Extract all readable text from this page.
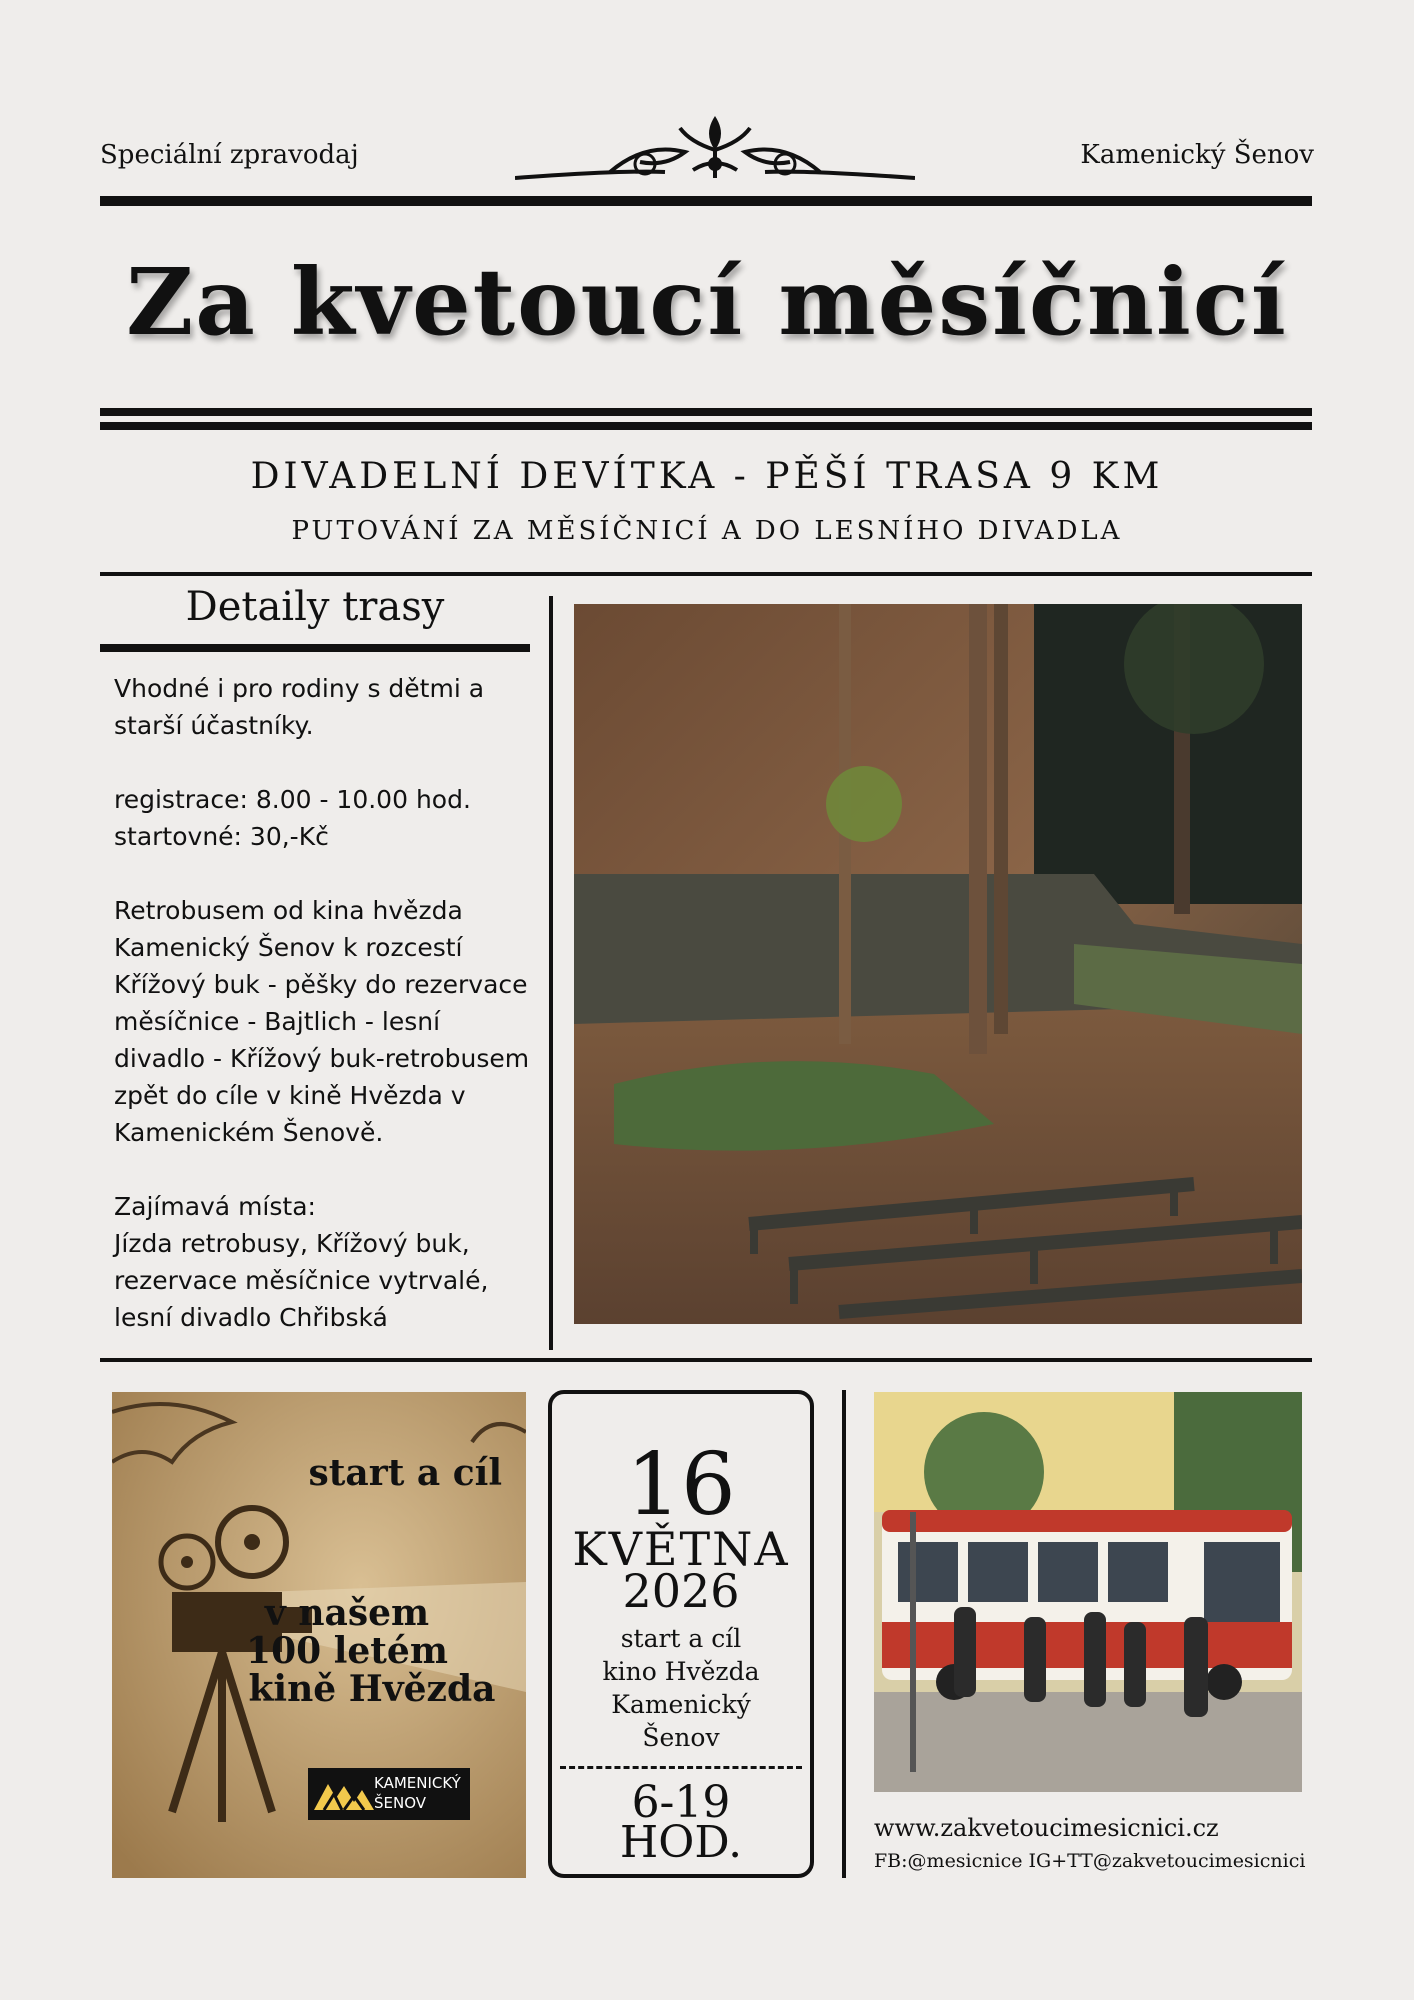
Speciální zpravodaj	Kamenický Šenov
Za kvetoucí měsíčnicí
DIVADELNÍ DEVÍTKA - PĚŠÍ TRASA 9 KM
PUTOVÁNÍ ZA MĚSÍČNICÍ A DO LESNÍHO DIVADLA
Detaily trasy

Vhodné i pro rodiny s dětmi a

starší účastníky.

registrace: 8.00 - 10.00 hod.

startovné: 30,-Kč

Retrobusem od kina hvězda

Kamenický Šenov k rozcestí

Křížový buk - pěšky do rezervace

měsíčnice - Bajtlich - lesní

divadlo - Křížový buk-retrobusem

zpět do cíle v kině Hvězda v

Kamenickém Šenově.

Zajímavá místa:

Jízda retrobusy, Křížový buk,

rezervace měsíčnice vytrvalé,

lesní divadlo Chřibská

start a cíl
v našem
100 letém
kině Hvězda
KAMENICKÝ
ŠENOV
16
KVĚTNA
2026
start a cíl
kino Hvězda
Kamenický
Šenov
6-19
HOD.	www.zakvetoucimesicnici.cz
FB:@mesicnice IG+TT@zakvetoucimesicnici
